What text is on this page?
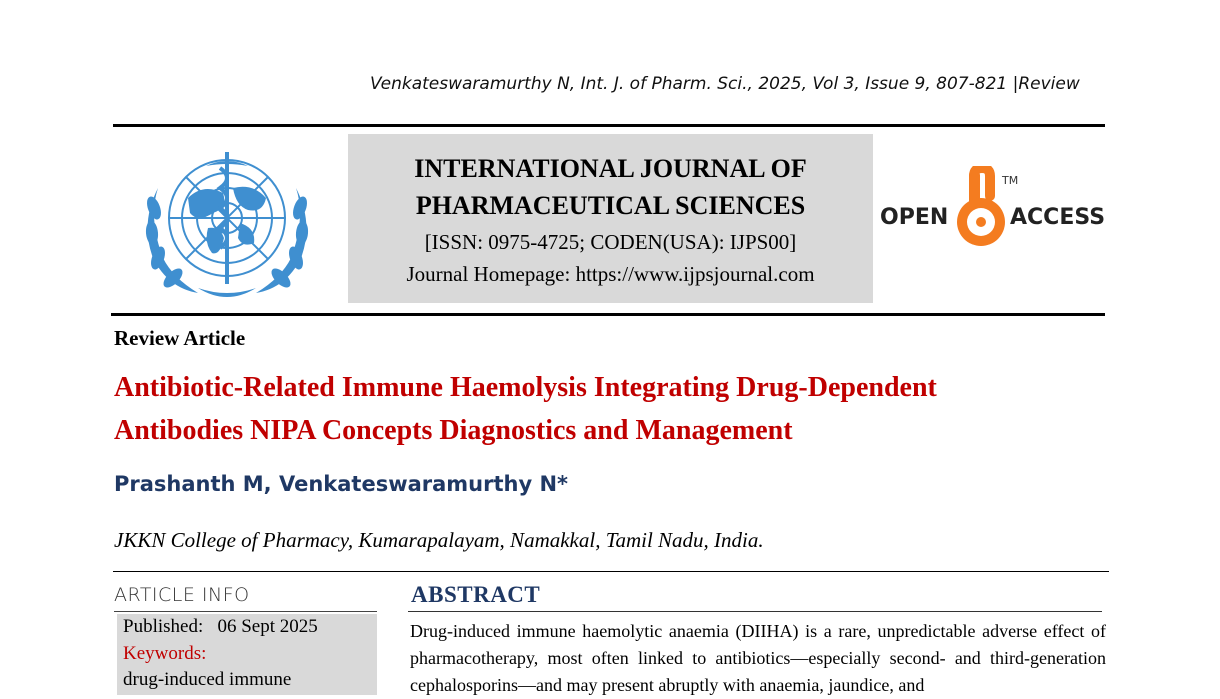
Venkateswaramurthy N, Int. J. of Pharm. Sci., 2025, Vol 3, Issue 9, 807-821 |Review
INTERNATIONAL JOURNAL OF
PHARMACEUTICAL SCIENCES
[ISSN: 0975-4725; CODEN(USA): IJPS00]
Journal Homepage: https://www.ijpsjournal.com
OPEN
TM
ACCESS
Review Article
Antibiotic-Related Immune Haemolysis Integrating Drug-Dependent
Antibodies NIPA Concepts Diagnostics and Management
Prashanth M, Venkateswaramurthy N*
JKKN College of Pharmacy, Kumarapalayam, Namakkal, Tamil Nadu, India.
ARTICLE INFO
Published: 06 Sept 2025
Keywords:
drug-induced immune
ABSTRACT
Drug-induced immune haemolytic anaemia (DIIHA) is a rare, unpredictable adverse effect of pharmacotherapy, most often linked to antibiotics—especially second- and third-generation cephalosporins—and may present abruptly with anaemia, jaundice, and
